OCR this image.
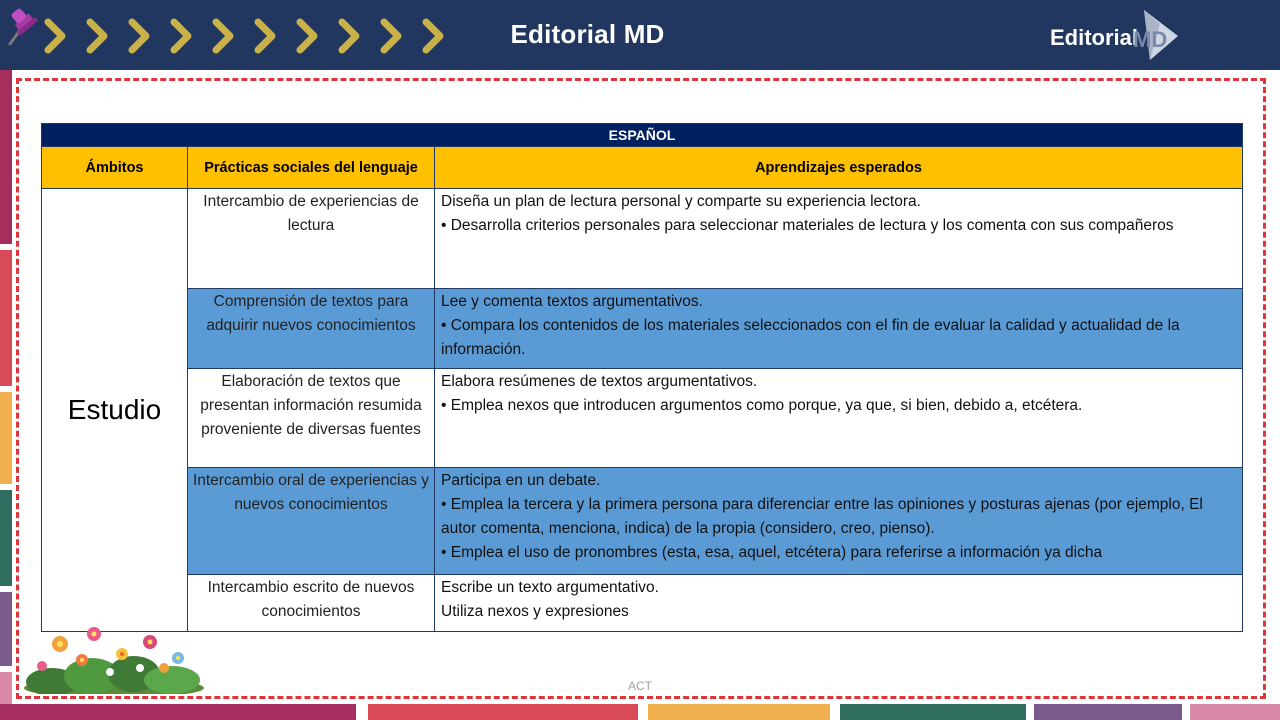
Editorial MD	Editorial
MD
ESPAÑOL		
Ámbitos	Prácticas sociales del lenguaje	Aprendizajes esperados
Estudio	Intercambio de experiencias de lectura	Diseña un plan de lectura personal y comparte su experiencia lectora.
• Desarrolla criterios personales para seleccionar materiales de lectura y los comenta con sus compañeros

	Comprensión de textos para adquirir nuevos conocimientos	Lee y comenta textos argumentativos.
• Compara los contenidos de los materiales seleccionados con el fin de evaluar la calidad y actualidad de la información.

	Elaboración de textos que presentan información resumida proveniente de diversas fuentes	Elabora resúmenes de textos argumentativos.
• Emplea nexos que introducen argumentos como porque, ya que, si bien, debido a, etcétera.

	Intercambio oral de experiencias y nuevos conocimientos	Participa en un debate.
• Emplea la tercera y la primera persona para diferenciar entre las opiniones y posturas ajenas (por ejemplo, El autor comenta, menciona, indica) de la propia (considero, creo, pienso).
• Emplea el uso de pronombres (esta, esa, aquel, etcétera) para referirse a información ya dicha

	Intercambio escrito de nuevos conocimientos	Escribe un texto argumentativo.
Utiliza nexos y expresiones
ACT
